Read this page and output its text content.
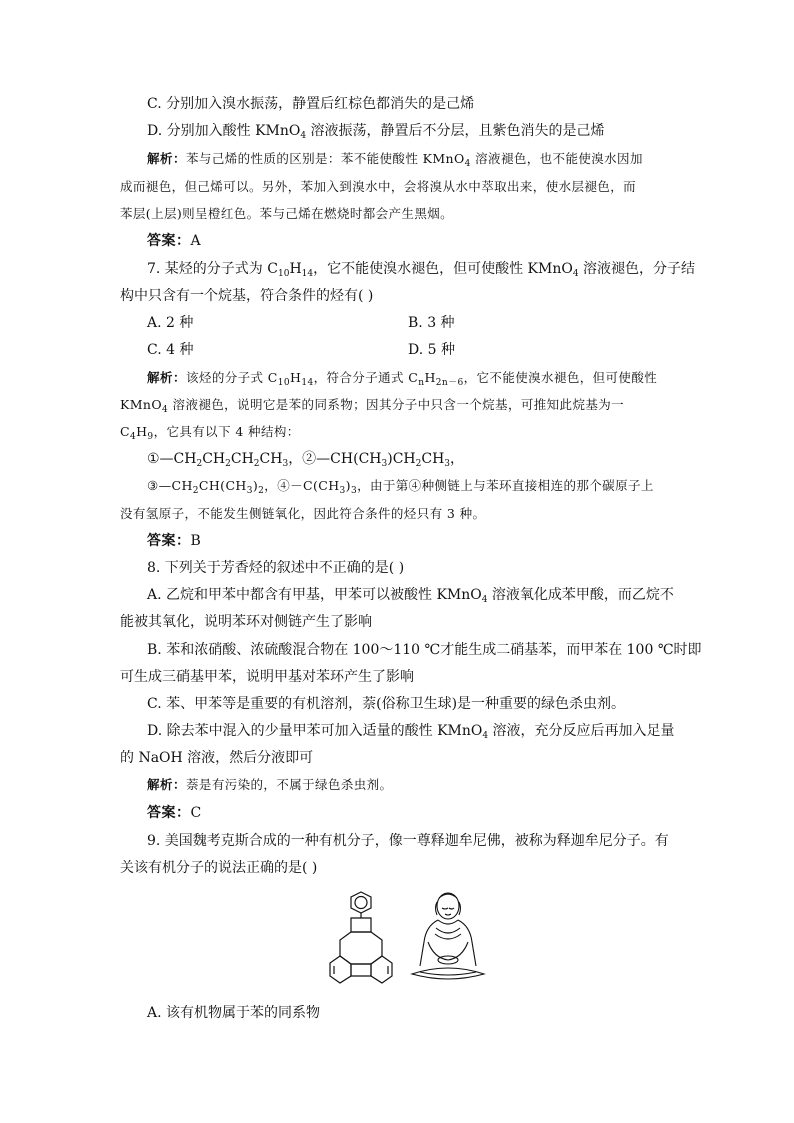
C. 分别加入溴水振荡，静置后红棕色都消失的是己烯
D. 分别加入酸性 KMnO$_4$ 溶液振荡，静置后不分层，且紫色消失的是己烯
解析：苯与己烯的性质的区别是：苯不能使酸性 KMnO$_4$ 溶液褪色，也不能使溴水因加
成而褪色，但己烯可以。另外，苯加入到溴水中，会将溴从水中萃取出来，使水层褪色，而
苯层(上层)则呈橙红色。苯与己烯在燃烧时都会产生黑烟。
答案：A
7. 某烃的分子式为 $C_{10}H_{14}$，它不能使溴水褪色，但可使酸性 KMnO$_4$ 溶液褪色，分子结
构中只含有一个烷基，符合条件的烃有( )
A. 2 种	B. 3 种
C. 4 种	D. 5 种
解析：该烃的分子式 $C_{10}H_{14}$，符合分子通式 $C_nH_{2n-6}$，它不能使溴水褪色，但可使酸性
KMnO$_4$ 溶液褪色，说明它是苯的同系物；因其分子中只含一个烷基，可推知此烷基为一
$C_4H_9$，它具有以下 4 种结构：
$①—CH_2CH_2CH_2CH_3$，$②—CH(CH_3)CH_2CH_3$，
$③—CH_2CH(CH_3)_2$，$④-C(CH_3)_3$，由于第④种侧链上与苯环直接相连的那个碳原子上
没有氢原子，不能发生侧链氧化，因此符合条件的烃只有 3 种。
答案：B
8. 下列关于芳香烃的叙述中不正确的是( )
A. 乙烷和甲苯中都含有甲基，甲苯可以被酸性 KMnO$_4$ 溶液氧化成苯甲酸，而乙烷不
能被其氧化，说明苯环对侧链产生了影响
B. 苯和浓硝酸、浓硫酸混合物在 100～110 ℃才能生成二硝基苯，而甲苯在 100 ℃时即
可生成三硝基甲苯，说明甲基对苯环产生了影响
C. 苯、甲苯等是重要的有机溶剂，萘(俗称卫生球)是一种重要的绿色杀虫剂。
D. 除去苯中混入的少量甲苯可加入适量的酸性 KMnO$_4$ 溶液，充分反应后再加入足量
的 NaOH 溶液，然后分液即可
解析：萘是有污染的，不属于绿色杀虫剂。
答案：C
9. 美国魏考克斯合成的一种有机分子，像一尊释迦牟尼佛，被称为释迦牟尼分子。有
关该有机分子的说法正确的是( )
A. 该有机物属于苯的同系物
